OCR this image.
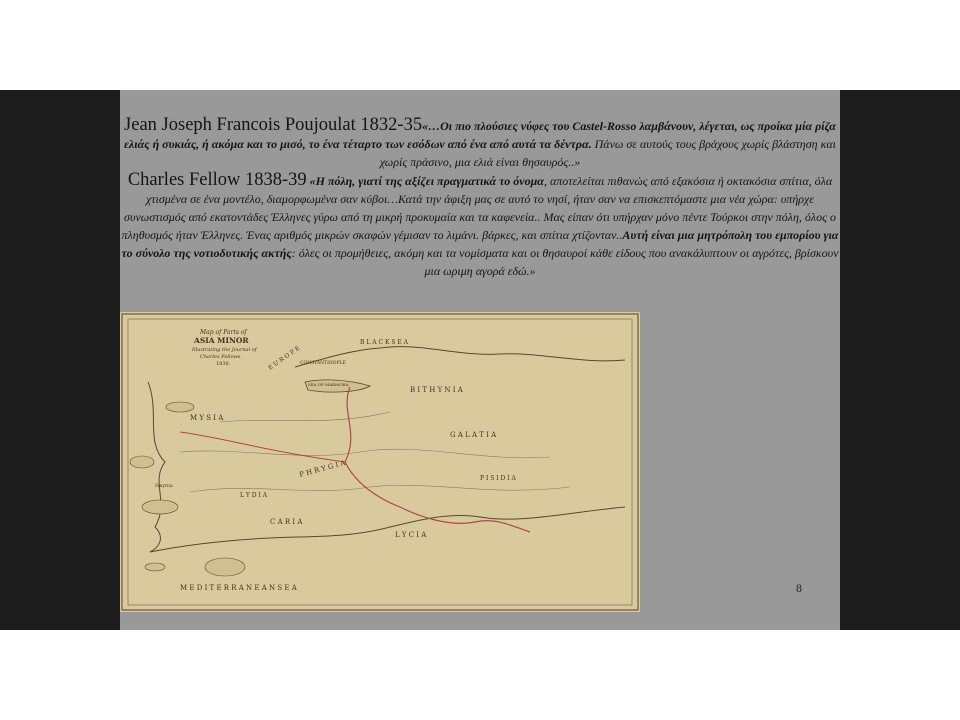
Jean Joseph Francois Poujoulat 1832-35«…Οι πιο πλούσιες νύφες του Castel-Rosso λαμβάνουν, λέγεται, ως προίκα μία ρίζα ελιάς ή συκιάς, ή ακόμα και το μισό, το ένα τέταρτο των εσόδων από ένα από αυτά τα δέντρα. Πάνω σε αυτούς τους βράχους χωρίς βλάστηση και χωρίς πράσινο, μια ελιά είναι θησαυρός..»
Charles Fellow 1838-39 «Η πόλη, γιατί της αξίζει πραγματικά το όνομα, αποτελείται πιθανώς από εξακόσια ή οκτακόσια σπίτια, όλα χτισμένα σε ένα μοντέλο, διαμορφωμένα σαν κύβοι…Κατά την άφιξη μας σε αυτό το νησί, ήταν σαν να επισκεπτόμαστε μια νέα χώρα: υπήρχε συνωστισμός από εκατοντάδες Έλληνες γύρω από τη μικρή προκυμαία και τα καφενεία.. Μας είπαν ότι υπήρχαν μόνο πέντε Τούρκοι στην πόλη, όλος ο πληθυσμός ήταν Έλληνες. Ένας αριθμός μικρών σκαφών γέμισαν το λιμάνι. βάρκες, και σπίτια χτίζονταν..Αυτή είναι μια μητρόπολη του εμπορίου για το σύνολο της νοτιοδυτικής ακτής: όλες οι προμήθειες, ακόμη και τα νομίσματα και οι θησαυροί κάθε είδους που ανακάλυπτουν οι αγρότες, βρίσκουν μια ωριμη αγορά εδώ.»
Map of Parts of
ASIA MINOR
Illustrating the Journal of
Charles Fellows.
1838.
B L A C K S E A
E U R O P E
CONSTANTINOPLE
SEA OF MARMORA
B I T H Y N I A
M Y S I A
G A L A T I A
P H R Y G I A
L Y D I A
P I S I D I A
Smyrna
C A R I A
L Y C I A
M E D I T E R R A N E A N S E A	8
